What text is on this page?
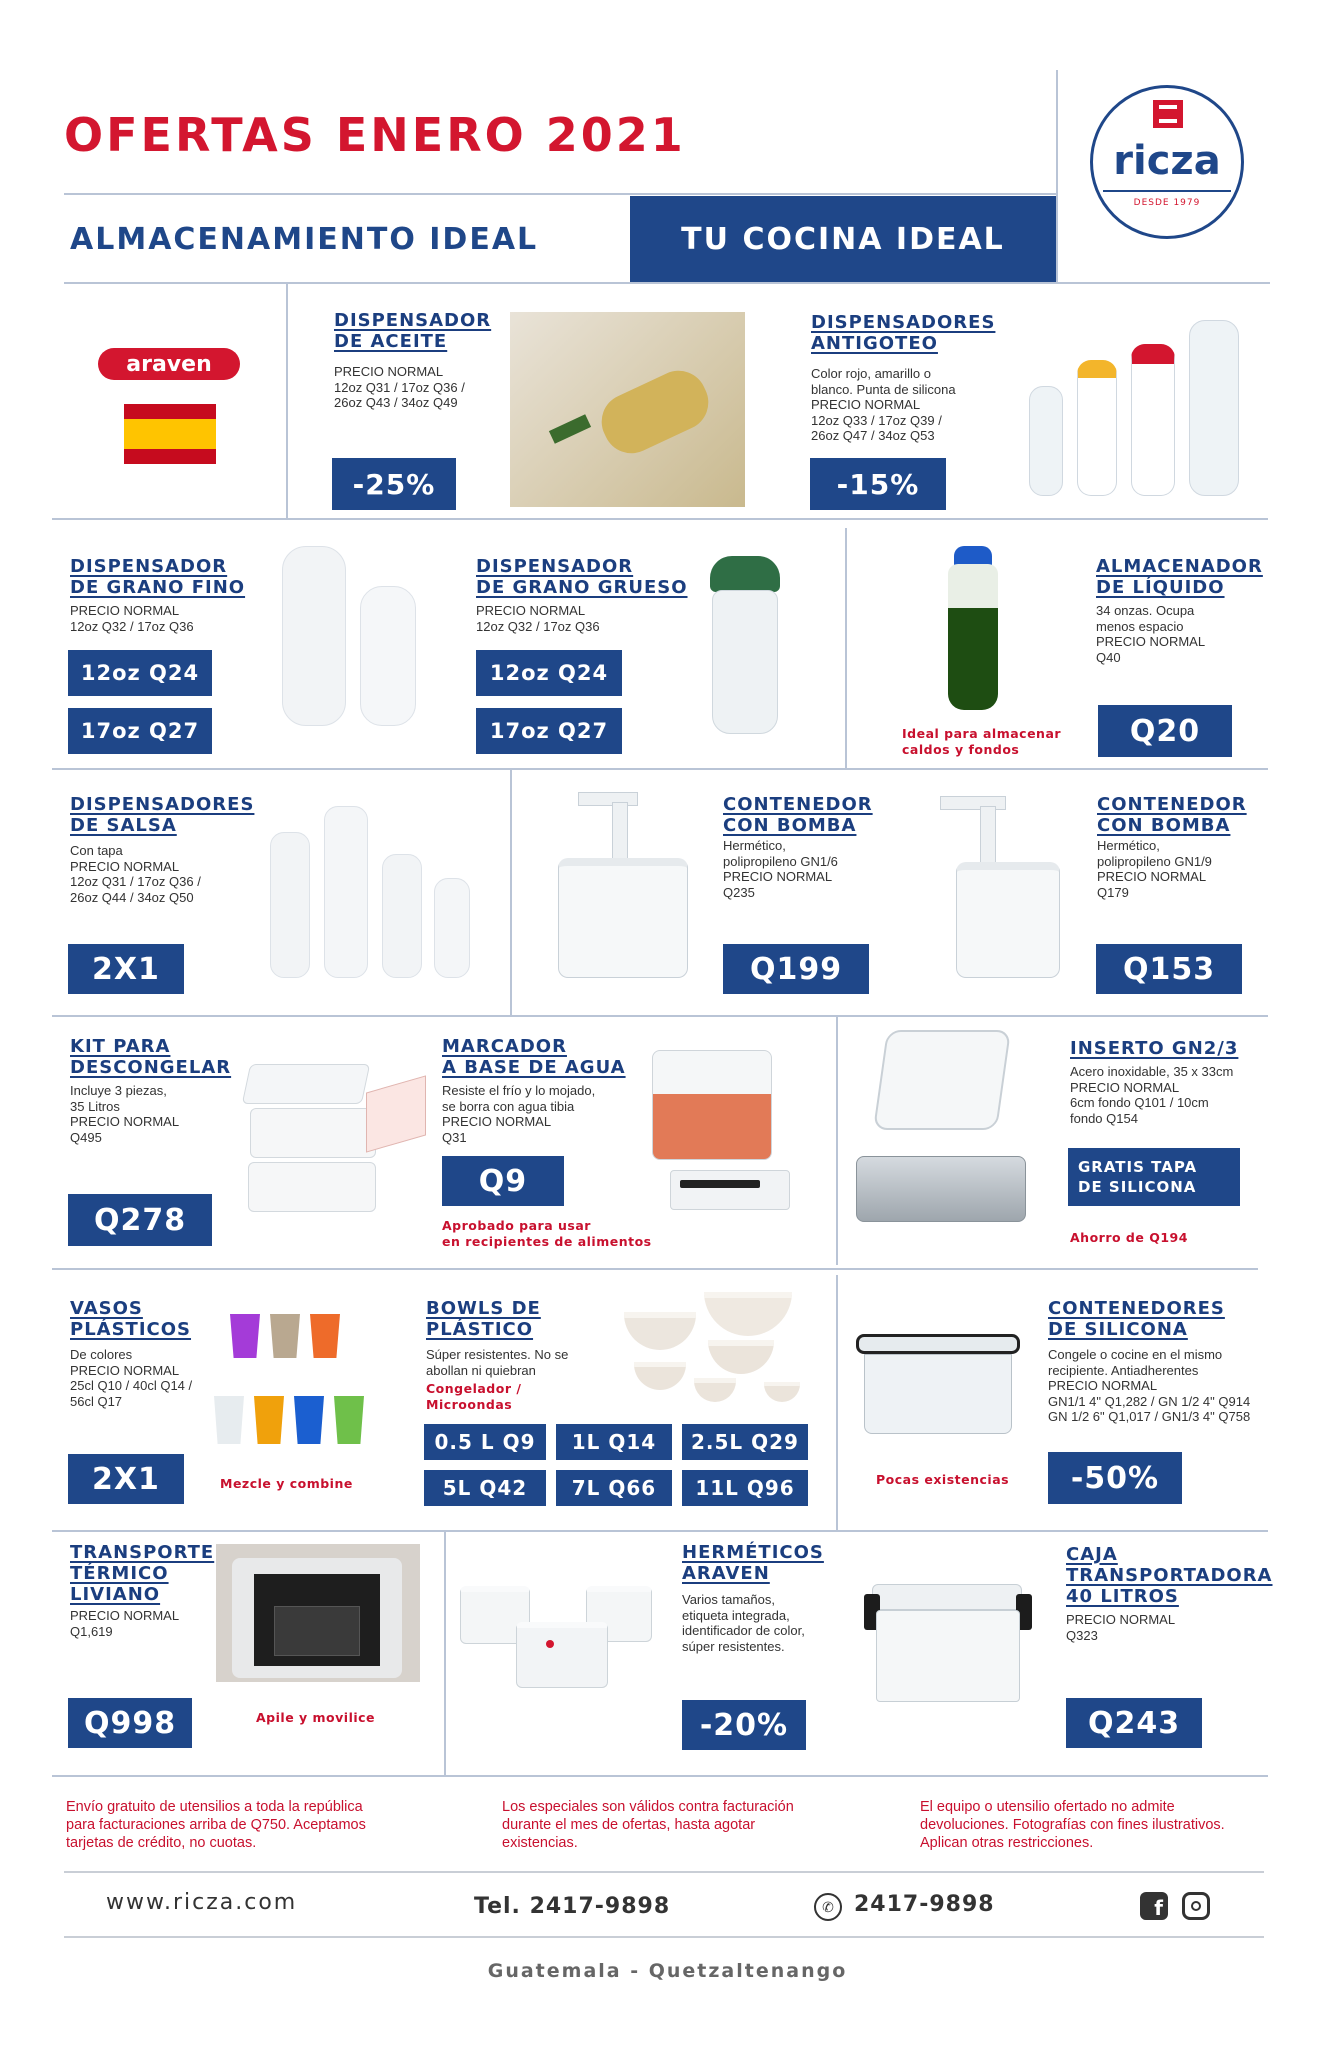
OFERTAS ENERO 2021
ALMACENAMIENTO IDEAL	TU COCINA IDEAL
ricza
DESDE 1979
araven
DISPENSADOR
DE ACEITE
PRECIO NORMAL
12oz Q31 / 17oz Q36 /
26oz Q43 / 34oz Q49
-25%
DISPENSADORES
ANTIGOTEO
Color rojo, amarillo o
blanco. Punta de silicona
PRECIO NORMAL
12oz Q33 / 17oz Q39 /
26oz Q47 / 34oz Q53
-15%
DISPENSADOR
DE GRANO FINO
PRECIO NORMAL
12oz Q32 / 17oz Q36
12oz Q24
17oz Q27
DISPENSADOR
DE GRANO GRUESO
PRECIO NORMAL
12oz Q32 / 17oz Q36
12oz Q24
17oz Q27	Ideal para almacenar
caldos y fondos
ALMACENADOR
DE LÍQUIDO
34 onzas. Ocupa
menos espacio
PRECIO NORMAL
Q40
Q20
DISPENSADORES
DE SALSA
Con tapa
PRECIO NORMAL
12oz Q31 / 17oz Q36 /
26oz Q44 / 34oz Q50
2X1
CONTENEDOR
CON BOMBA
Hermético,
polipropileno GN1/6
PRECIO NORMAL
Q235
Q199
CONTENEDOR
CON BOMBA
Hermético,
polipropileno GN1/9
PRECIO NORMAL
Q179
Q153
KIT PARA
DESCONGELAR
Incluye 3 piezas,
35 Litros
PRECIO NORMAL
Q495
Q278
MARCADOR
A BASE DE AGUA
Resiste el frío y lo mojado,
se borra con agua tibia
PRECIO NORMAL
Q31
Q9
Aprobado para usar
en recipientes de alimentos
INSERTO GN2/3
Acero inoxidable, 35 x 33cm
PRECIO NORMAL
6cm fondo Q101 / 10cm
fondo Q154
GRATIS TAPA
DE SILICONA
Ahorro de Q194
VASOS
PLÁSTICOS
De colores
PRECIO NORMAL
25cl Q10 / 40cl Q14 /
56cl Q17
2X1	Mezcle y combine
BOWLS DE
PLÁSTICO
Súper resistentes. No se
abollan ni quiebran
Congelador /
Microondas
0.5 L Q9	1L Q14	2.5L Q29
5L Q42	7L Q66	11L Q96	Pocas existencias
CONTENEDORES
DE SILICONA
Congele o cocine en el mismo
recipiente. Antiadherentes
PRECIO NORMAL
GN1/1 4" Q1,282 / GN 1/2 4" Q914
GN 1/2 6" Q1,017 / GN1/3 4" Q758
-50%
TRANSPORTE
TÉRMICO
LIVIANO
PRECIO NORMAL
Q1,619
Q998	Apile y movilice
HERMÉTICOS
ARAVEN
Varios tamaños,
etiqueta integrada,
identificador de color,
súper resistentes.
-20%
CAJA
TRANSPORTADORA
40 LITROS
PRECIO NORMAL
Q323
Q243
Envío gratuito de utensilios a toda la república
para facturaciones arriba de Q750. Aceptamos
tarjetas de crédito, no cuotas.
Los especiales son válidos contra facturación
durante el mes de ofertas, hasta agotar
existencias.
El equipo o utensilio ofertado no admite
devoluciones. Fotografías con fines ilustrativos.
Aplican otras restricciones.
www.ricza.com	Tel. 2417-9898	✆ 2417-9898	f
Guatemala - Quetzaltenango
